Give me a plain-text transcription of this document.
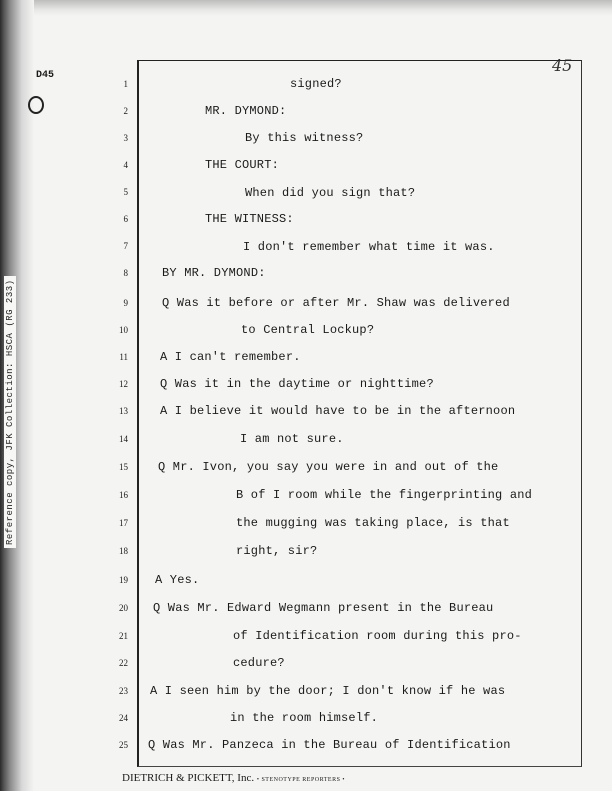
Reference copy, JFK Collection: HSCA (RG 233)
D45
45
1
2
3
4
5
6
7
8
9
10
11
12
13
14
15
16
17
18
19
20
21
22
23
24
25
signed?
MR. DYMOND:
By this witness?
THE COURT:
When did you sign that?
THE WITNESS:
I don't remember what time it was.
BY MR. DYMOND:
Q Was it before or after Mr. Shaw was delivered
to Central Lockup?
A I can't remember.
Q Was it in the daytime or nighttime?
A I believe it would have to be in the afternoon
I am not sure.
Q Mr. Ivon, you say you were in and out of the
B of I room while the fingerprinting and
the mugging was taking place, is that
right, sir?
A Yes.
Q Was Mr. Edward Wegmann present in the Bureau
of Identification room during this pro-
cedure?
A I seen him by the door; I don't know if he was
in the room himself.
Q Was Mr. Panzeca in the Bureau of Identification
DIETRICH & PICKETT, Inc. • STENOTYPE REPORTERS •
